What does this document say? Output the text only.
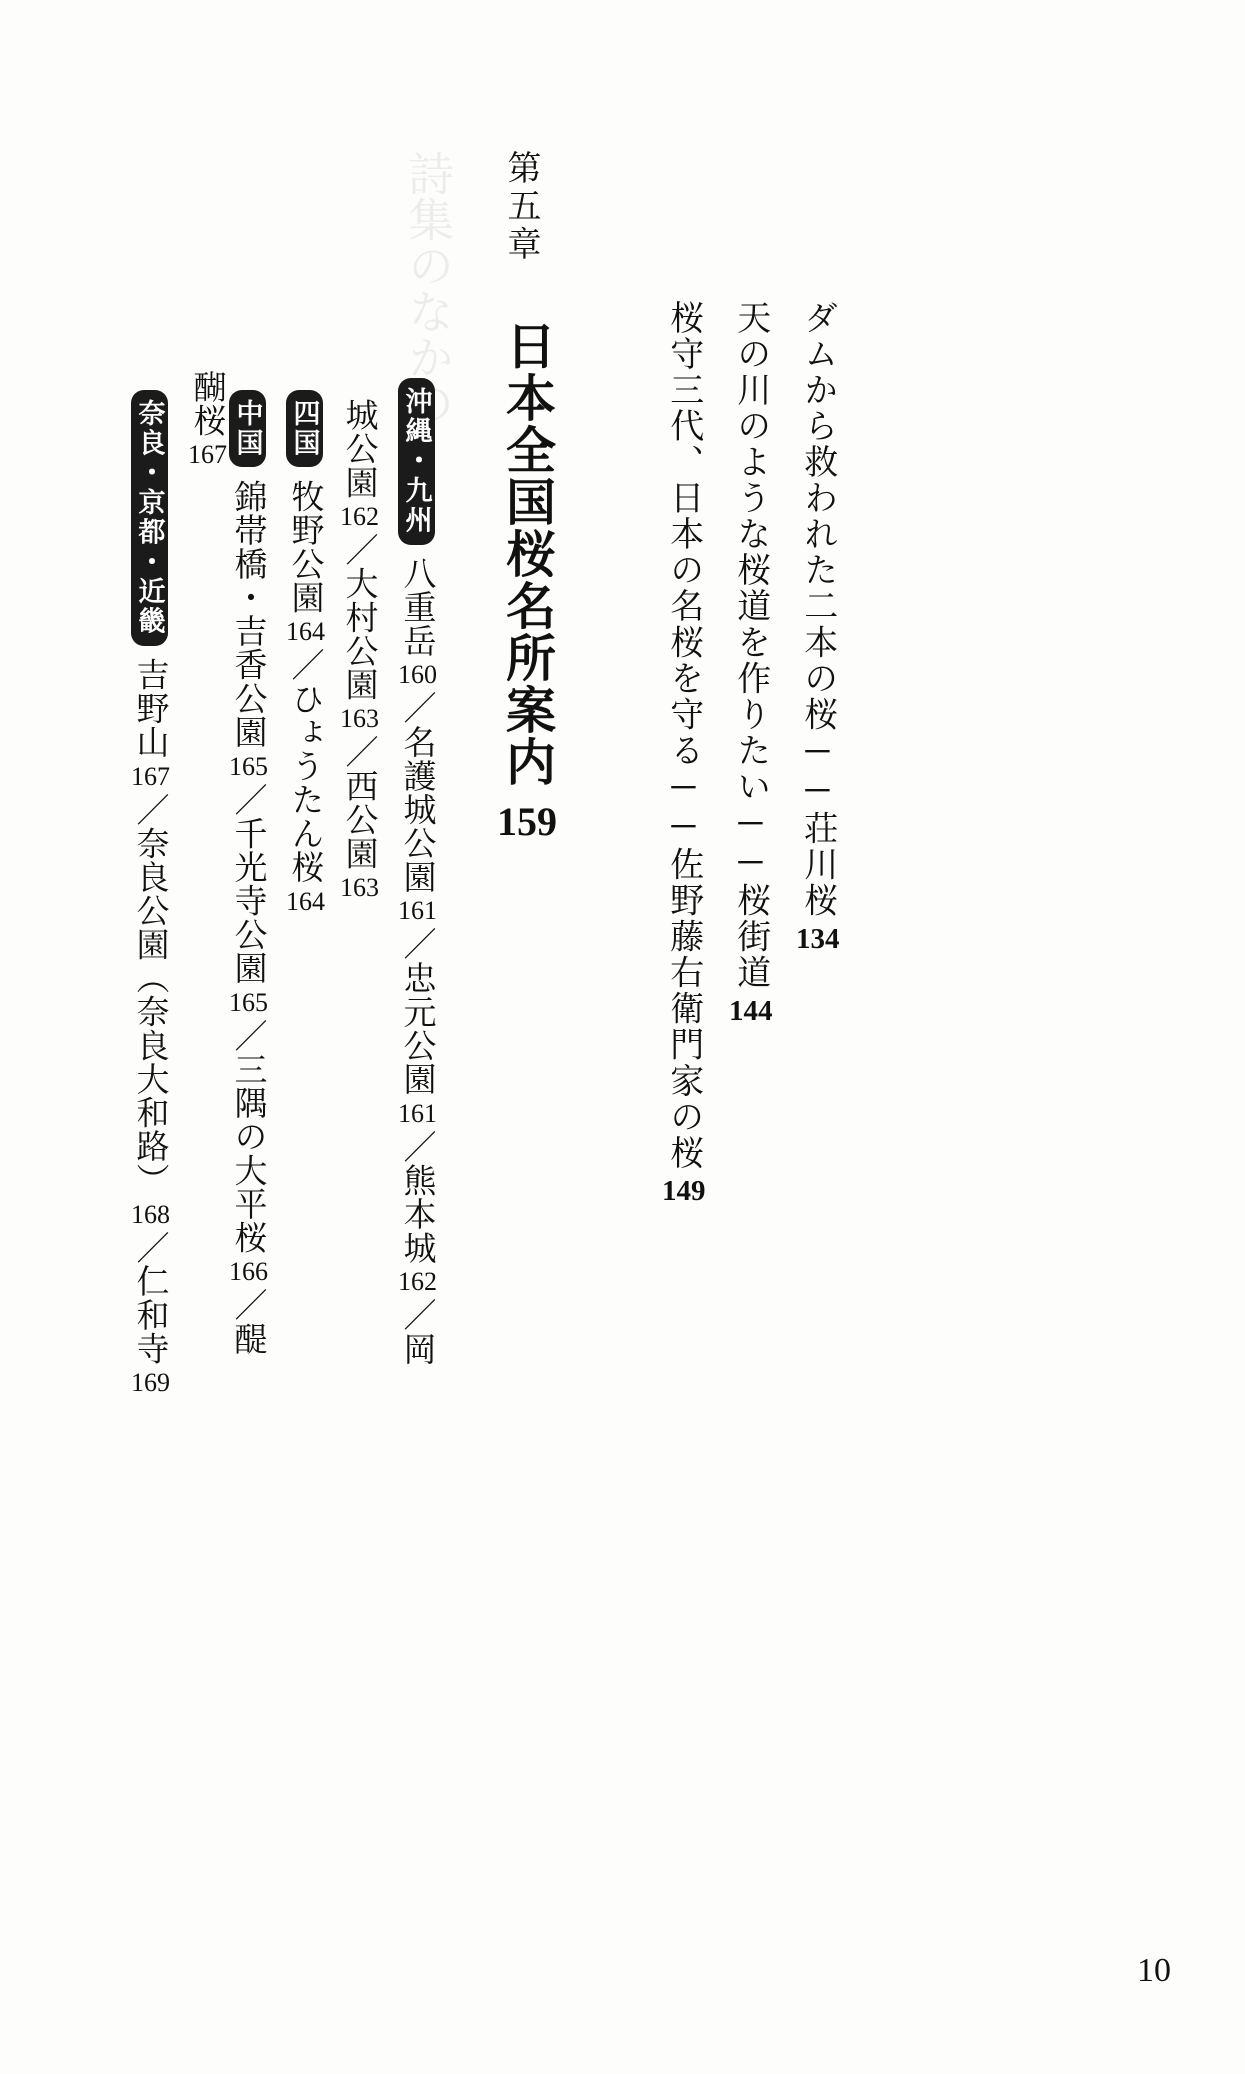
詩集のなかの
ダムから救われた二本の桜──荘川桜134
天の川のような桜道を作りたい──桜街道144
桜守三代、日本の名桜を守る──佐野藤右衛門家の桜149
第五章
日本全国桜名所案内159
沖縄・九州八重岳160／名護城公園161／忠元公園161／熊本城162／岡
城公園162／大村公園163／西公園163
四国牧野公園164／ひょうたん桜164
中国錦帯橋・吉香公園165／千光寺公園165／三隅の大平桜166／醍
醐桜167
奈良・京都・近畿吉野山167／奈良公園（奈良大和路）168／仁和寺169
10
